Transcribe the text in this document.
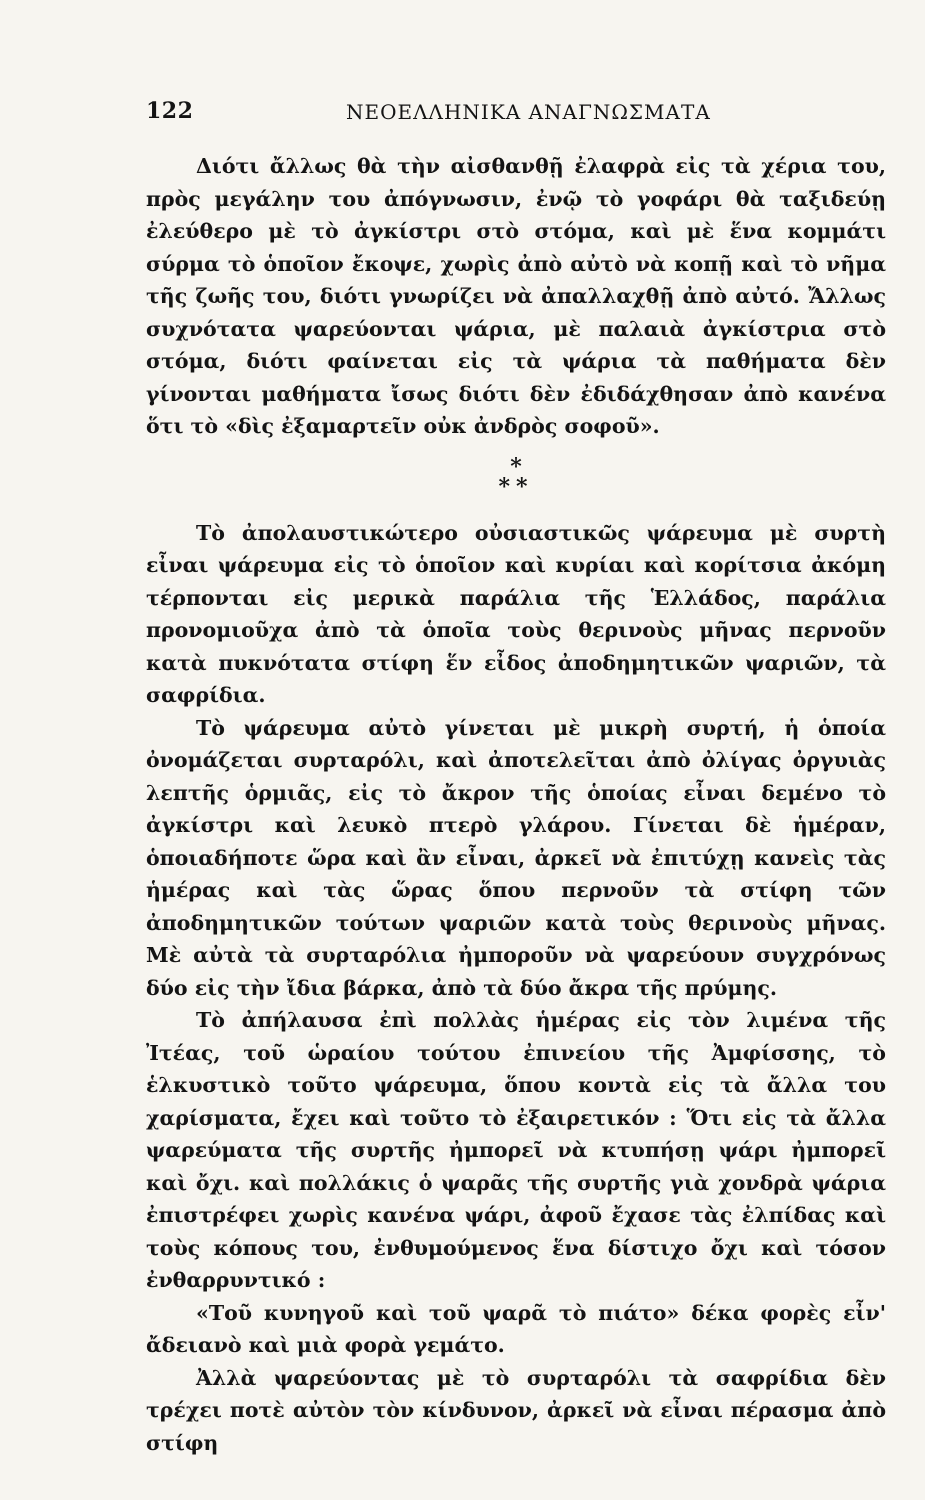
122	ΝΕΟΕΛΛΗΝΙΚΑ ΑΝΑΓΝΩΣΜΑΤΑ

Διότι ἄλλως θὰ τὴν αἰσθανθῇ ἐλαφρὰ εἰς τὰ χέρια του, πρὸς μεγάλην του ἀπόγνωσιν, ἐνῷ τὸ γοφάρι θὰ ταξιδεύῃ ἐλεύθερο μὲ τὸ ἀγκίστρι στὸ στόμα, καὶ μὲ ἕνα κομμάτι σύρμα τὸ ὁποῖον ἔκοψε, χωρὶς ἀπὸ αὐτὸ νὰ κοπῇ καὶ τὸ νῆμα τῆς ζωῆς του, διότι γνωρίζει νὰ ἀπαλλαχθῇ ἀπὸ αὐτό. Ἄλλως συχνότατα ψαρεύονται ψάρια, μὲ παλαιὰ ἀγκίστρια στὸ στόμα, διότι φαίνεται εἰς τὰ ψάρια τὰ παθήματα δὲν γίνονται μαθήματα ἴσως διότι δὲν ἐδιδάχθησαν ἀπὸ κανένα ὅτι τὸ «δὶς ἐξαμαρτεῖν οὐκ ἀνδρὸς σοφοῦ».

*
**

Τὸ ἀπολαυστικώτερο οὐσιαστικῶς ψάρευμα μὲ συρτὴ εἶναι ψάρευμα εἰς τὸ ὁποῖον καὶ κυρίαι καὶ κορίτσια ἀκόμη τέρπονται εἰς μερικὰ παράλια τῆς Ἑλλάδος, παράλια προνομιοῦχα ἀπὸ τὰ ὁποῖα τοὺς θερινοὺς μῆνας περνοῦν κατὰ πυκνότατα στίφη ἕν εἶδος ἀποδημητικῶν ψαριῶν, τὰ σαφρίδια.

Τὸ ψάρευμα αὐτὸ γίνεται μὲ μικρὴ συρτή, ἡ ὁποία ὀνομάζεται συρταρόλι, καὶ ἀποτελεῖται ἀπὸ ὀλίγας ὀργυιὰς λεπτῆς ὁρμιᾶς, εἰς τὸ ἄκρον τῆς ὁποίας εἶναι δεμένο τὸ ἀγκίστρι καὶ λευκὸ πτερὸ γλάρου. Γίνεται δὲ ἡμέραν, ὁποιαδήποτε ὥρα καὶ ἂν εἶναι, ἀρκεῖ νὰ ἐπιτύχῃ κανεὶς τὰς ἡμέρας καὶ τὰς ὥρας ὅπου περνοῦν τὰ στίφη τῶν ἀποδημητικῶν τούτων ψαριῶν κατὰ τοὺς θερινοὺς μῆνας. Μὲ αὐτὰ τὰ συρταρόλια ἠμποροῦν νὰ ψαρεύουν συγχρόνως δύο εἰς τὴν ἴδια βάρκα, ἀπὸ τὰ δύο ἄκρα τῆς πρύμης.

Τὸ ἀπήλαυσα ἐπὶ πολλὰς ἡμέρας εἰς τὸν λιμένα τῆς Ἰτέας, τοῦ ὡραίου τούτου ἐπινείου τῆς Ἀμφίσσης, τὸ ἑλκυστικὸ τοῦτο ψάρευμα, ὅπου κοντὰ εἰς τὰ ἄλλα του χαρίσματα, ἔχει καὶ τοῦτο τὸ ἐξαιρετικόν : Ὅτι εἰς τὰ ἄλλα ψαρεύματα τῆς συρτῆς ἠμπορεῖ νὰ κτυπήσῃ ψάρι ἠμπορεῖ καὶ ὄχι. καὶ πολλάκις ὁ ψαρᾶς τῆς συρτῆς γιὰ χονδρὰ ψάρια ἐπιστρέφει χωρὶς κανένα ψάρι, ἀφοῦ ἔχασε τὰς ἐλπίδας καὶ τοὺς κόπους του, ἐνθυμούμενος ἕνα δίστιχο ὄχι καὶ τόσον ἐνθαρρυντικό :

«Τοῦ κυνηγοῦ καὶ τοῦ ψαρᾶ τὸ πιάτο» δέκα φορὲς εἶν' ἄδειανὸ καὶ μιὰ φορὰ γεμάτο.

Ἀλλὰ ψαρεύοντας μὲ τὸ συρταρόλι τὰ σαφρίδια δὲν τρέχει ποτὲ αὐτὸν τὸν κίνδυνον, ἀρκεῖ νὰ εἶναι πέρασμα ἀπὸ στίφη
